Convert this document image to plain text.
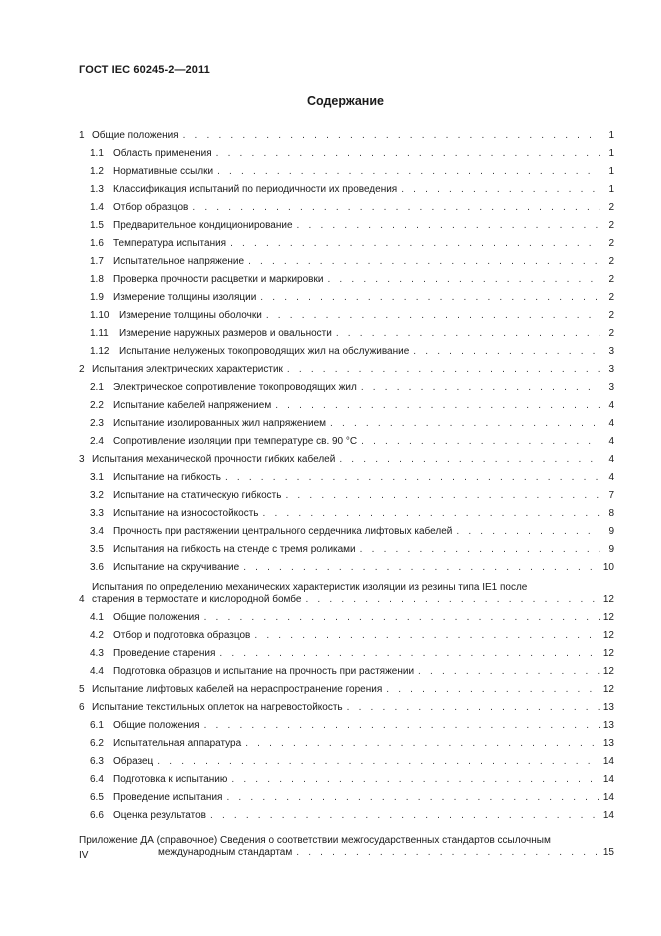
ГОСТ IEC 60245-2—2011
Содержание
1 Общие положения . . .	1
1.1 Область применения . . .	1
1.2 Нормативные ссылки . . .	1
1.3 Классификация испытаний по периодичности их проведения . . .	1
1.4 Отбор образцов . . .	2
1.5 Предварительное кондиционирование . . .	2
1.6 Температура испытания . . .	2
1.7 Испытательное напряжение . . .	2
1.8 Проверка прочности расцветки и маркировки . . .	2
1.9 Измерение толщины изоляции . . .	2
1.10 Измерение толщины оболочки . . .	2
1.11	Измерение наружных размеров и овальности . . .	2
1.12 Испытание нелуженых токопроводящих жил на обслуживание . . .	3
2 Испытания электрических характеристик . . .	3
2.1 Электрическое сопротивление токопроводящих жил . . .	3
2.2 Испытание кабелей напряжением . . .	4
2.3 Испытание изолированных жил напряжением . . .	4
2.4 Сопротивление изоляции при температуре св. 90 °С . . .	4
3 Испытания механической прочности гибких кабелей . . .	4
3.1 Испытание на гибкость . . .	4
3.2 Испытание на статическую гибкость . . .	7
3.3 Испытание на износостойкость . . .	8
3.4 Прочность при растяжении центрального сердечника лифтовых кабелей . . .	9
3.5 Испытания на гибкость на стенде с тремя роликами . . .	9
3.6 Испытание на скручивание . . .	10
4
Испытания по определению механических характеристик изоляции из резины типа IE1 после
старения в термостате и кислородной бомбе . . .	12
4.1 Общие положения . . .	12
4.2 Отбор и подготовка образцов . . .	12
4.3 Проведение старения . . .	12
4.4 Подготовка образцов и испытание на прочность при растяжении . . .	12
5 Испытание лифтовых кабелей на нераспространение горения . . .	12
6 Испытание текстильных оплеток на нагревостойкость . . .	13
6.1 Общие положения . . .	13
6.2 Испытательная аппаратура . . .	13
6.3 Образец . . .	14
6.4 Подготовка к испытанию . . .	14
6.5 Проведение испытания . . .	14
6.6 Оценка результатов . . .	14
Приложение ДА (справочное) Сведения о соответствии межгосударственных стандартов ссылочным
международным стандартам . . .	15
IV
